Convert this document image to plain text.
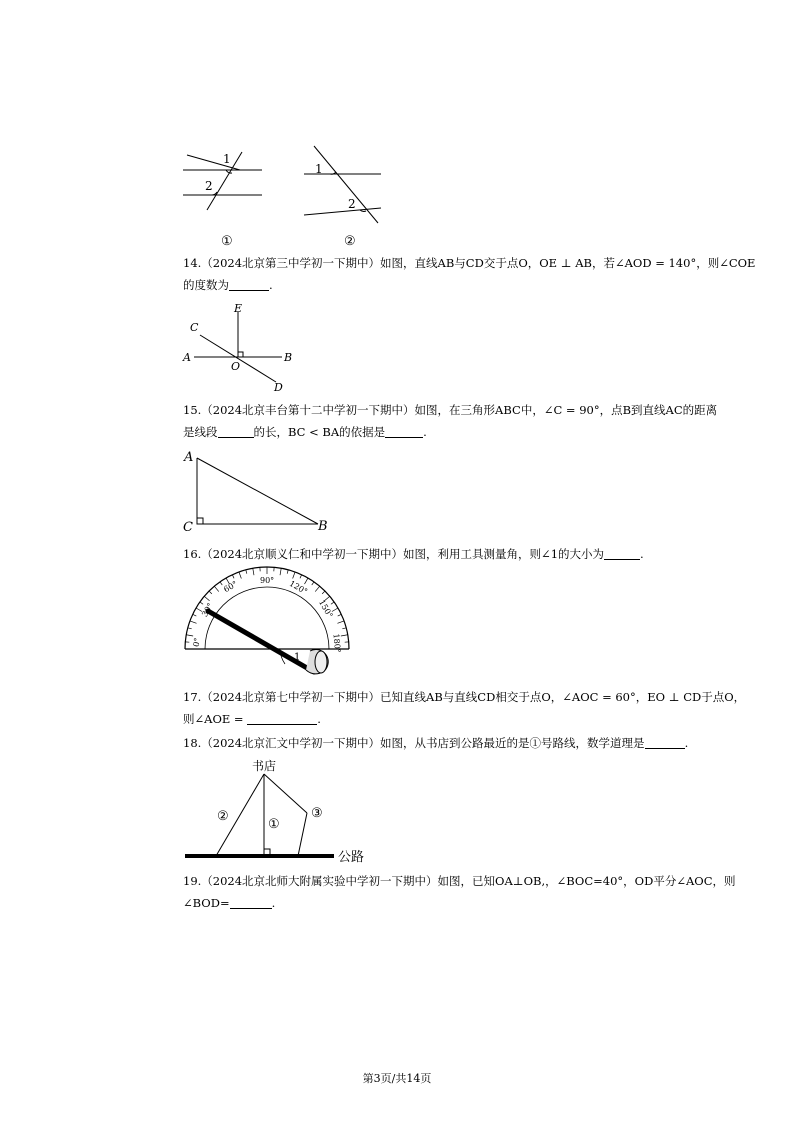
1
2
1
2
①	②
14.（2024北京第三中学初一下期中）如图，直线AB与CD交于点O，OE ⊥ AB，若∠AOD = 140°，则∠COE
的度数为	.
E
C
A
O
B
D
15.（2024北京丰台第十二中学初一下期中）如图，在三角形ABC中，∠C = 90°，点B到直线AC的距离
是线段	的长，BC < BA的依据是	.
A
C	B
16.（2024北京顺义仁和中学初一下期中）如图，利用工具测量角，则∠1的大小为	.
0°
30°
60°	90° 120°
150°
180°
1
17.（2024北京第七中学初一下期中）已知直线AB与直线CD相交于点O，∠AOC = 60°，EO ⊥ CD于点O，
则∠AOE =	.
18.（2024北京汇文中学初一下期中）如图，从书店到公路最近的是①号路线，数学道理是	.
书店
②
①
③
公路
19.（2024北京北师大附属实验中学初一下期中）如图，已知OA⊥OB,，∠BOC=40°，OD平分∠AOC，则
∠BOD=	.
第3页/共14页
